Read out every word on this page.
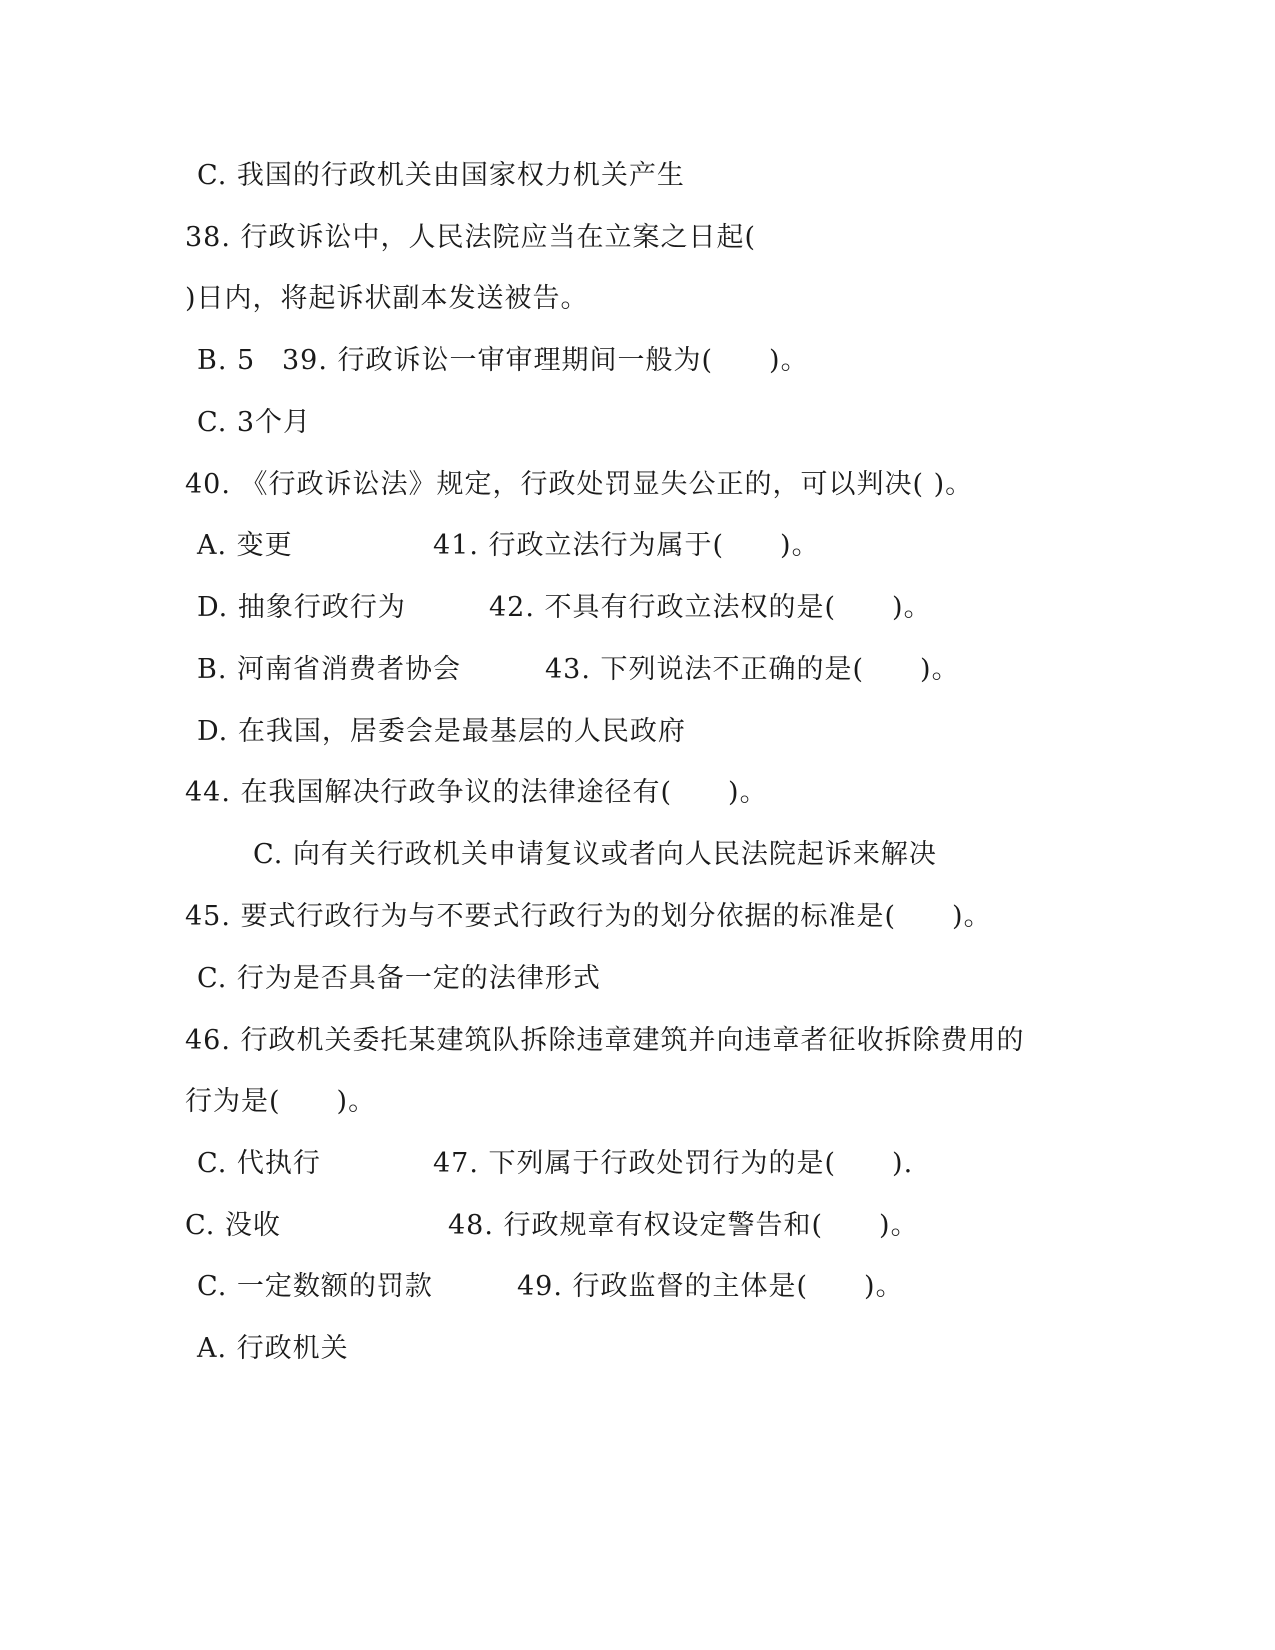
C. 我国的行政机关由国家权力机关产生
38. 行政诉讼中，人民法院应当在立案之日起(
)日内，将起诉状副本发送被告。
B. 5 39. 行政诉讼一审审理期间一般为(　　)。
C. 3个月
40. 《行政诉讼法》规定，行政处罚显失公正的，可以判决( )。
A. 变更	41. 行政立法行为属于(　　)。
D. 抽象行政行为	42. 不具有行政立法权的是(　　)。
B. 河南省消费者协会	43. 下列说法不正确的是(　　)。
D. 在我国，居委会是最基层的人民政府
44. 在我国解决行政争议的法律途径有(　　)。
C. 向有关行政机关申请复议或者向人民法院起诉来解决
45. 要式行政行为与不要式行政行为的划分依据的标准是(　　)。
C. 行为是否具备一定的法律形式
46. 行政机关委托某建筑队拆除违章建筑并向违章者征收拆除费用的
行为是(　　)。
C. 代执行	47. 下列属于行政处罚行为的是(　　).
C. 没收	48. 行政规章有权设定警告和(　　)。
C. 一定数额的罚款	49. 行政监督的主体是(　　)。
A. 行政机关
